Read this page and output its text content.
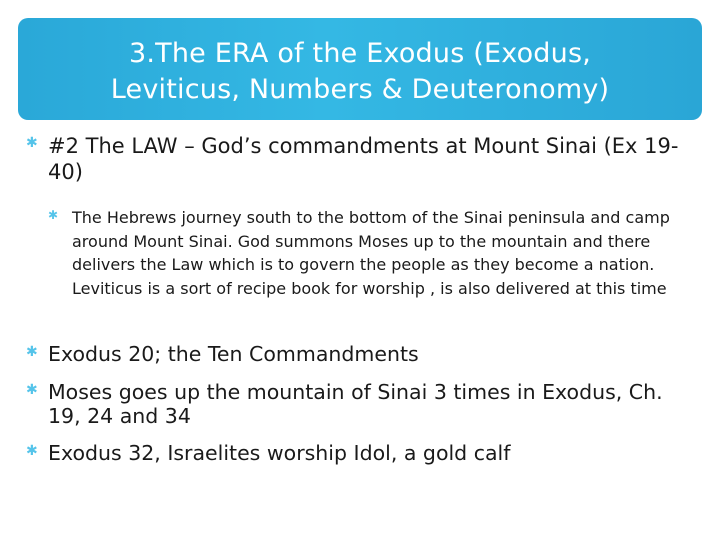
3.The ERA of the Exodus (Exodus,
Leviticus, Numbers & Deuteronomy)
✱ #2 The LAW – God’s commandments at Mount Sinai (Ex 19-40)
✱ The Hebrews journey south to the bottom of the Sinai peninsula and camp around Mount Sinai. God summons Moses up to the mountain and there delivers the Law which is to govern the people as they become a nation. Leviticus is a sort of recipe book for worship , is also delivered at this time
✱ Exodus 20; the Ten Commandments
✱ Moses goes up the mountain of Sinai 3 times in Exodus, Ch. 19, 24 and 34
✱ Exodus 32, Israelites worship Idol, a gold calf
